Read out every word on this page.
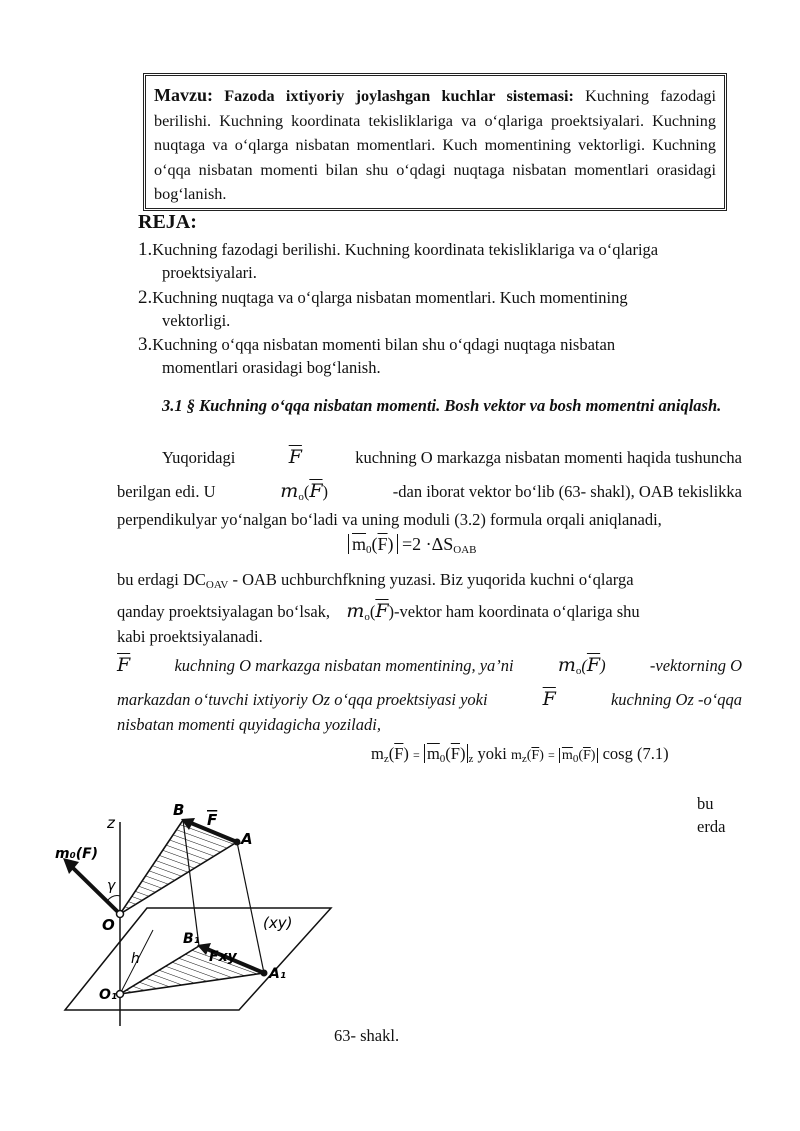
Mavzu: Fazoda ixtiyoriy joylashgan kuchlar sistemasi: Kuchning fazodagi berilishi. Kuchning koordinata tekisliklariga va o‘qlariga proektsiyalari. Kuchning nuqtaga va o‘qlarga nisbatan momentlari. Kuch momentining vektorligi. Kuchning o‘qqa nisbatan momenti bilan shu o‘qdagi nuqtaga nisbatan momentlari orasidagi bog‘lanish.
REJA:
1.Kuchning fazodagi berilishi. Kuchning koordinata tekisliklariga va o‘qlariga
proektsiyalari.
2.Kuchning nuqtaga va o‘qlarga nisbatan momentlari. Kuch momentining
vektorligi.
3.Kuchning o‘qqa nisbatan momenti bilan shu o‘qdagi nuqtaga nisbatan
momentlari orasidagi bog‘lanish.
3.1 § Kuchning o‘qqa nisbatan momenti. Bosh vektor va bosh momentni aniqlash.
Yuqoridagi	$\overline{F}$	kuchning O markazga nisbatan momenti haqida tushuncha
berilgan edi. U	$m_o(\overline{F})$	-dan iborat vektor bo‘lib (63- shakl), OAB tekislikka
perpendikulyar yo‘nalgan bo‘ladi va uning moduli (3.2) formula orqali aniqlanadi,
$\overline{m}_0(\overline{F}) =2 \cdot\Delta S_{OAB}$
bu erdagi $DC_{OAV}$ - OAB uchburchfkning yuzasi. Biz yuqorida kuchni o‘qlarga
qanday proektsiyalagan bo‘lsak, $m_o(\overline{F})$-vektor ham koordinata o‘qlariga shu
kabi proektsiyalanadi.
$\overline{F}$	kuchning O markazga nisbatan momentining, ya’ni $m_o(\overline{F})$	-vektorning O
markazdan o‘tuvchi ixtiyoriy Oz o‘qqa proektsiyasi yoki	$\overline{F}$	kuchning Oz -o‘qqa
nisbatan momenti quyidagicha yoziladi,
$m_z(\overline{F}) = \overline{m}_0(\overline{F})$ $_z$ yoki $m_z(\overline{F}) = \overline{m}_0(\overline{F})$ cosg (7.1)
bu
erda
z
B
F
A
m₀(F)
γ
O	(xy)
B₁
Fxy
h
A₁
O₁
63- shakl.
